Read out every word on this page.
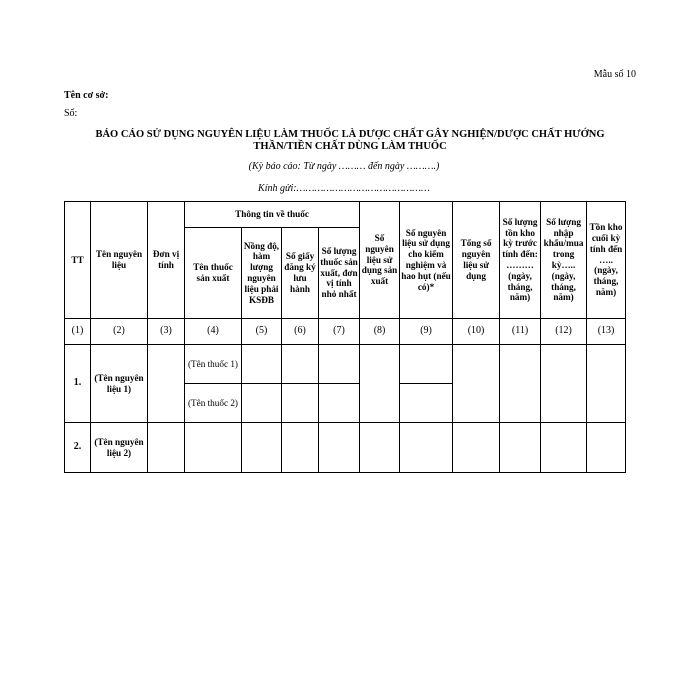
Mẫu số 10
Tên cơ sở:
Số:
BÁO CÁO SỬ DỤNG NGUYÊN LIỆU LÀM THUỐC LÀ DƯỢC CHẤT GÂY NGHIỆN/DƯỢC CHẤT HƯỚNG THẦN/TIỀN CHẤT DÙNG LÀM THUỐC
(Kỳ báo cáo: Từ ngày ……… đến ngày ……….)
Kính gửi:………………………………………
TT	Tên nguyên liệu	Đơn vị tính	Thông tin về thuốc				Số nguyên liệu sử dụng sản xuất	Số nguyên liệu sử dụng cho kiểm nghiệm và hao hụt (nếu có)*	Tổng số nguyên liệu sử dụng	Số lượng tồn kho kỳ trước tính đến: ……… (ngày, tháng, năm)	Số lượng nhập khẩu/mua trong kỳ….. (ngày, tháng, năm)	Tồn kho cuối kỳ tính đến ….. (ngày, tháng, năm)
			Tên thuốc sản xuất	Nồng độ, hàm lượng nguyên liệu phải KSĐB	Số giấy đăng ký lưu hành	Số lượng thuốc sản xuất, đơn vị tính nhỏ nhất						
(1)	(2)	(3)	(4)	(5)	(6)	(7)	(8)	(9)	(10)	(11)	(12)	(13)
1.	(Tên nguyên liệu 1)		(Tên thuốc 1)									
			(Tên thuốc 2)									
2.	(Tên nguyên liệu 2)											
